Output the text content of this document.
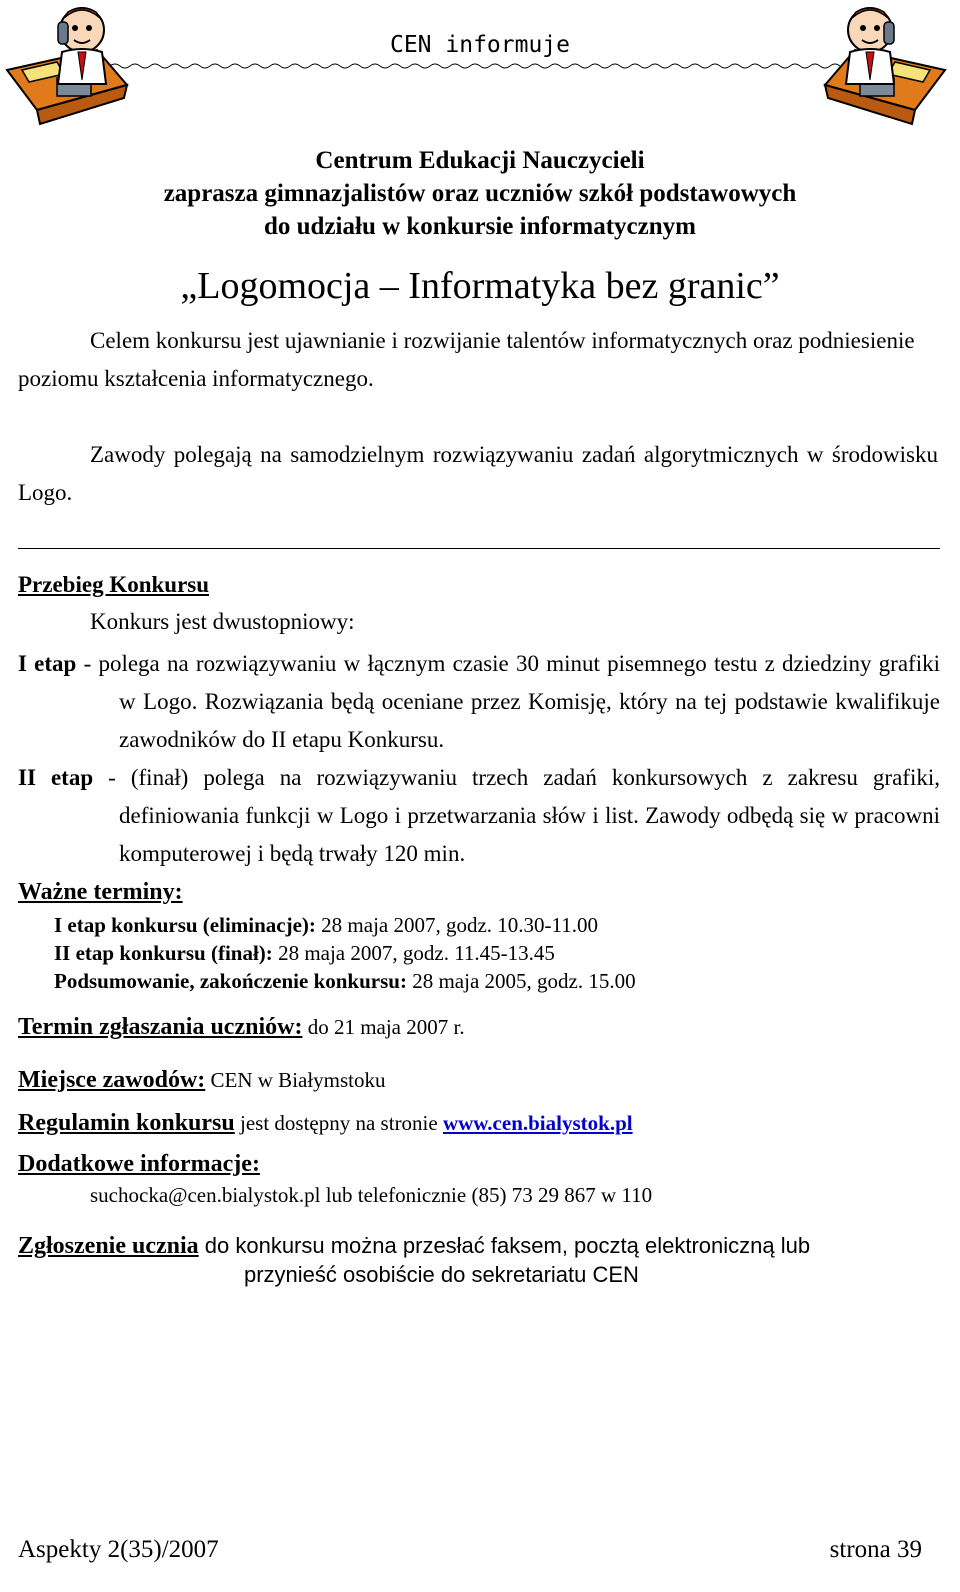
CEN informuje
Centrum Edukacji Nauczycieli
zaprasza gimnazjalistów oraz uczniów szkół podstawowych
do udziału w konkursie informatycznym
„Logomocja – Informatyka bez granic”
Celem konkursu jest ujawnianie i rozwijanie talentów informatycznych oraz podniesienie poziomu kształcenia informatycznego.
Zawody polegają na samodzielnym rozwiązywaniu zadań algorytmicznych w środowisku Logo.
Przebieg Konkursu
Konkurs jest dwustopniowy:
I etap - polega na rozwiązywaniu w łącznym czasie 30 minut pisemnego testu z dziedziny grafiki w Logo. Rozwiązania będą oceniane przez Komisję, który na tej podstawie kwalifikuje zawodników do II etapu Konkursu.
II etap - (finał) polega na rozwiązywaniu trzech zadań konkursowych z zakresu grafiki, definiowania funkcji w Logo i przetwarzania słów i list. Zawody odbędą się w pracowni komputerowej i będą trwały 120 min.
Ważne terminy:
I etap konkursu (eliminacje): 28 maja 2007, godz. 10.30-11.00
II etap konkursu (finał): 28 maja 2007, godz. 11.45-13.45
Podsumowanie, zakończenie konkursu: 28 maja 2005, godz. 15.00
Termin zgłaszania uczniów: do 21 maja 2007 r.
Miejsce zawodów: CEN w Białymstoku
Regulamin konkursu jest dostępny na stronie www.cen.bialystok.pl
Dodatkowe informacje:
suchocka@cen.bialystok.pl lub telefonicznie (85) 73 29 867 w 110
Zgłoszenie ucznia do konkursu można przesłać faksem, pocztą elektroniczną lub
przynieść osobiście do sekretariatu CEN
Aspekty 2(35)/2007	strona 39
